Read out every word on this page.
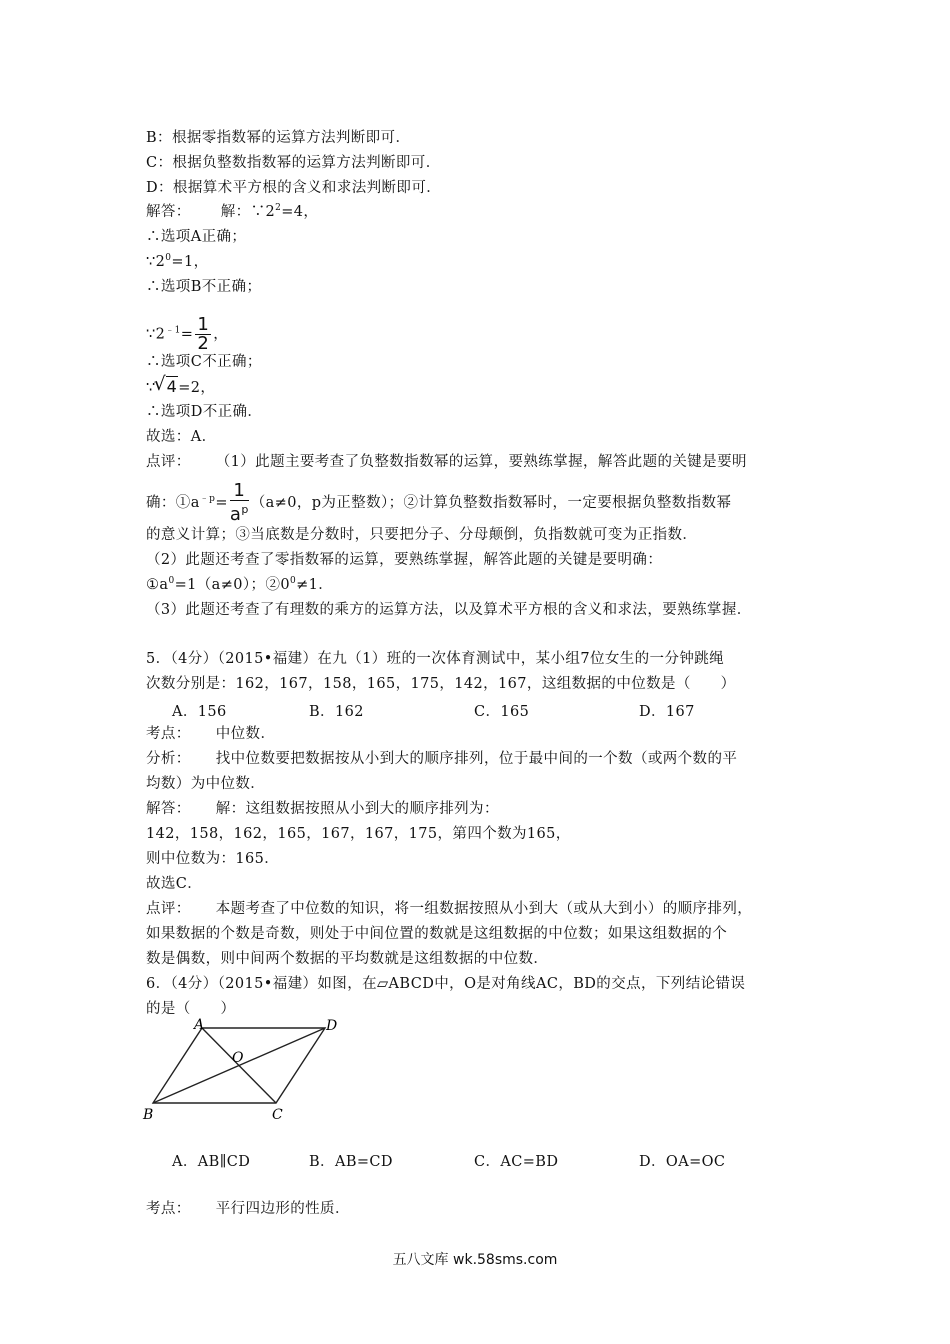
B：根据零指数幂的运算方法判断即可．
C：根据负整数指数幂的运算方法判断即可．
D：根据算术平方根的含义和求法判断即可．
解答： 解：$\because 2^2=4$，
∴选项A正确；
$\because 2^0=1$，
∴选项B不正确；
$\because 2^{﹣1}= \frac{1}{2}$ ，
∴选项C不正确；
∵√ 4=2，
∴选项D不正确．
故选：A．
点评： （1）此题主要考查了负整数指数幂的运算，要熟练掌握，解答此题的关键是要明
确：$①a^{﹣p}= \frac{1}{a^p} (a\ne 0$，p为正整数）；②计算负整数指数幂时，一定要根据负整数指数幂
的意义计算；③当底数是分数时，只要把分子、分母颠倒，负指数就可变为正指数．
（2）此题还考查了零指数幂的运算，要熟练掌握，解答此题的关键是要明确：
$①a^0=1(a\ne 0)$；$②0^0\ne 1$．
（3）此题还考查了有理数的乘方的运算方法，以及算术平方根的含义和求法，要熟练掌握．
5．（4分）（2015•福建）在九（1）班的一次体育测试中，某小组7位女生的一分钟跳绳
次数分别是：162，167，158，165，175，142，167，这组数据的中位数是（　　）
A．156	B．162	C．165	D．167
考点： 中位数．
分析： 找中位数要把数据按从小到大的顺序排列，位于最中间的一个数（或两个数的平
均数）为中位数．
解答： 解：这组数据按照从小到大的顺序排列为：
142，158，162，165，167，167，175，第四个数为165，
则中位数为：165．
故选C．
点评： 本题考查了中位数的知识，将一组数据按照从小到大（或从大到小）的顺序排列，
如果数据的个数是奇数，则处于中间位置的数就是这组数据的中位数；如果这组数据的个
数是偶数，则中间两个数据的平均数就是这组数据的中位数．
6．（4分）（2015•福建）如图，在▱ABCD中，O是对角线AC，BD的交点，下列结论错误
的是（　　）
A	D
O
B	C
A．AB∥CD	B．AB=CD	C．AC=BD	D．OA=OC
考点： 平行四边形的性质．
五八文库 wk.58sms.com
